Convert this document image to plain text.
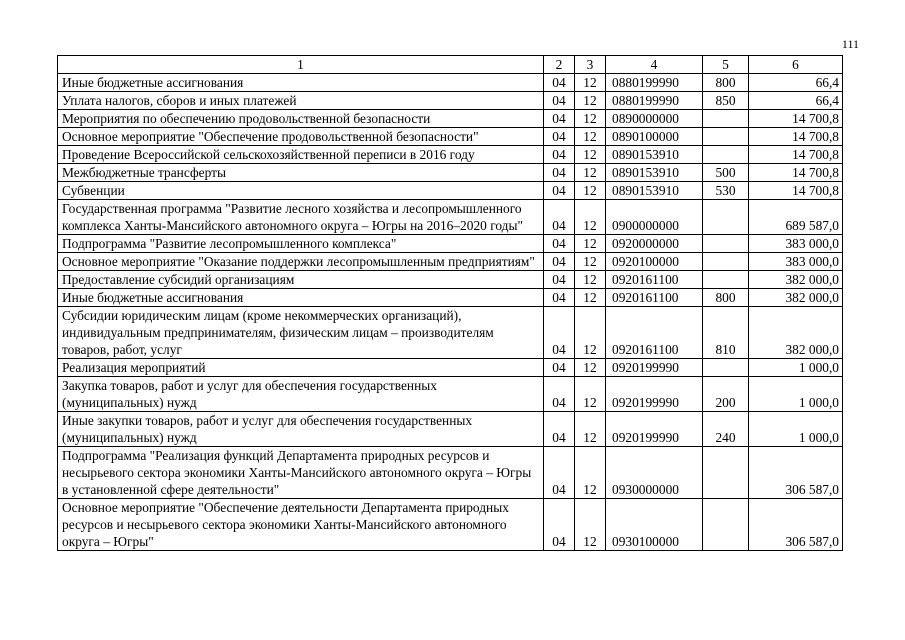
111
1	2	3	4	5	6
Иные бюджетные ассигнования	04	12	0880199990	800	66,4
Уплата налогов, сборов и иных платежей	04	12	0880199990	850	66,4
Мероприятия по обеспечению продовольственной безопасности	04	12	0890000000		14 700,8
Основное мероприятие "Обеспечение продовольственной безопасности"	04	12	0890100000		14 700,8
Проведение Всероссийской сельскохозяйственной переписи в 2016 году	04	12	0890153910		14 700,8
Межбюджетные трансферты	04	12	0890153910	500	14 700,8
Субвенции	04	12	0890153910	530	14 700,8
Государственная программа "Развитие лесного хозяйства и лесопромышленного комплекса Ханты-Мансийского автономного округа – Югры на 2016–2020 годы"	04	12	0900000000		689 587,0
Подпрограмма "Развитие лесопромышленного комплекса"	04	12	0920000000		383 000,0
Основное мероприятие "Оказание поддержки лесопромышленным предприятиям"	04	12	0920100000		383 000,0
Предоставление субсидий организациям	04	12	0920161100		382 000,0
Иные бюджетные ассигнования	04	12	0920161100	800	382 000,0
Субсидии юридическим лицам (кроме некоммерческих организаций), индивидуальным предпринимателям, физическим лицам – производителям товаров, работ, услуг	04	12	0920161100	810	382 000,0
Реализация мероприятий	04	12	0920199990		1 000,0
Закупка товаров, работ и услуг для обеспечения государственных (муниципальных) нужд	04	12	0920199990	200	1 000,0
Иные закупки товаров, работ и услуг для обеспечения государственных (муниципальных) нужд	04	12	0920199990	240	1 000,0
Подпрограмма "Реализация функций Департамента природных ресурсов и несырьевого сектора экономики Ханты-Мансийского автономного округа – Югры в установленной сфере деятельности"	04	12	0930000000		306 587,0
Основное мероприятие "Обеспечение деятельности Департамента природных ресурсов и несырьевого сектора экономики Ханты-Мансийского автономного округа – Югры"	04	12	0930100000		306 587,0
